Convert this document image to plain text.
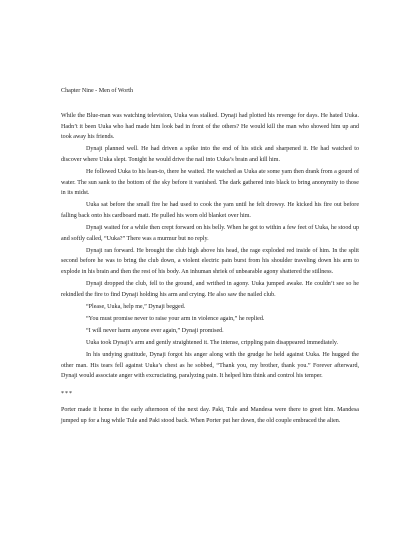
Chapter Nine - Men of Worth

While the Blue-man was watching television, Uuka was stalked. Dynaji had plotted his revenge for days. He hated Uuka. Hadn’t it been Uuka who had made him look bad in front of the others? He would kill the man who showed him up and took away his friends.

Dynaji planned well. He had driven a spike into the end of his stick and sharpened it. He had watched to discover where Uuka slept. Tonight he would drive the nail into Uuka’s brain and kill him.

He followed Uuka to his lean-to, there he waited. He watched as Uuka ate some yam then drank from a gourd of water. The sun sank to the bottom of the sky before it vanished. The dark gathered into black to bring anonymity to those in its midst.

Uuka sat before the small fire he had used to cook the yam until he felt drowsy. He kicked his fire out before falling back onto his cardboard matt. He pulled his worn old blanket over him.

Dynaji waited for a while then crept forward on his belly. When he got to within a few feet of Uuka, he stood up and softly called, “Uuka?” There was a murmur but no reply.

Dynaji ran forward. He brought the club high above his head, the rage exploded red inside of him. In the split second before he was to bring the club down, a violent electric pain burst from his shoulder traveling down his arm to explode in his brain and then the rest of his body. An inhuman shriek of unbearable agony shattered the stillness.

Dynaji dropped the club, fell to the ground, and writhed in agony. Uuka jumped awake. He couldn’t see so he rekindled the fire to find Dynaji holding his arm and crying. He also saw the nailed club.

“Please, Uuka, help me,” Dynaji begged.

“You must promise never to raise your arm in violence again,” he replied.

“I will never harm anyone ever again,” Dynaji promised.

Uuka took Dynaji’s arm and gently straightened it. The intense, crippling pain disappeared immediately.

In his undying gratitude, Dynaji forgot his anger along with the grudge he held against Uuka. He hugged the other man. His tears fell against Uuka’s chest as he sobbed, “Thank you, my brother, thank you.” Forever afterward, Dynaji would associate anger with excruciating, paralyzing pain. It helped him think and control his temper.

***

Porter made it home in the early afternoon of the next day. Paki, Tule and Mandesa were there to greet him. Mandesa jumped up for a hug while Tule and Paki stood back. When Porter put her down, the old couple embraced the alien.
